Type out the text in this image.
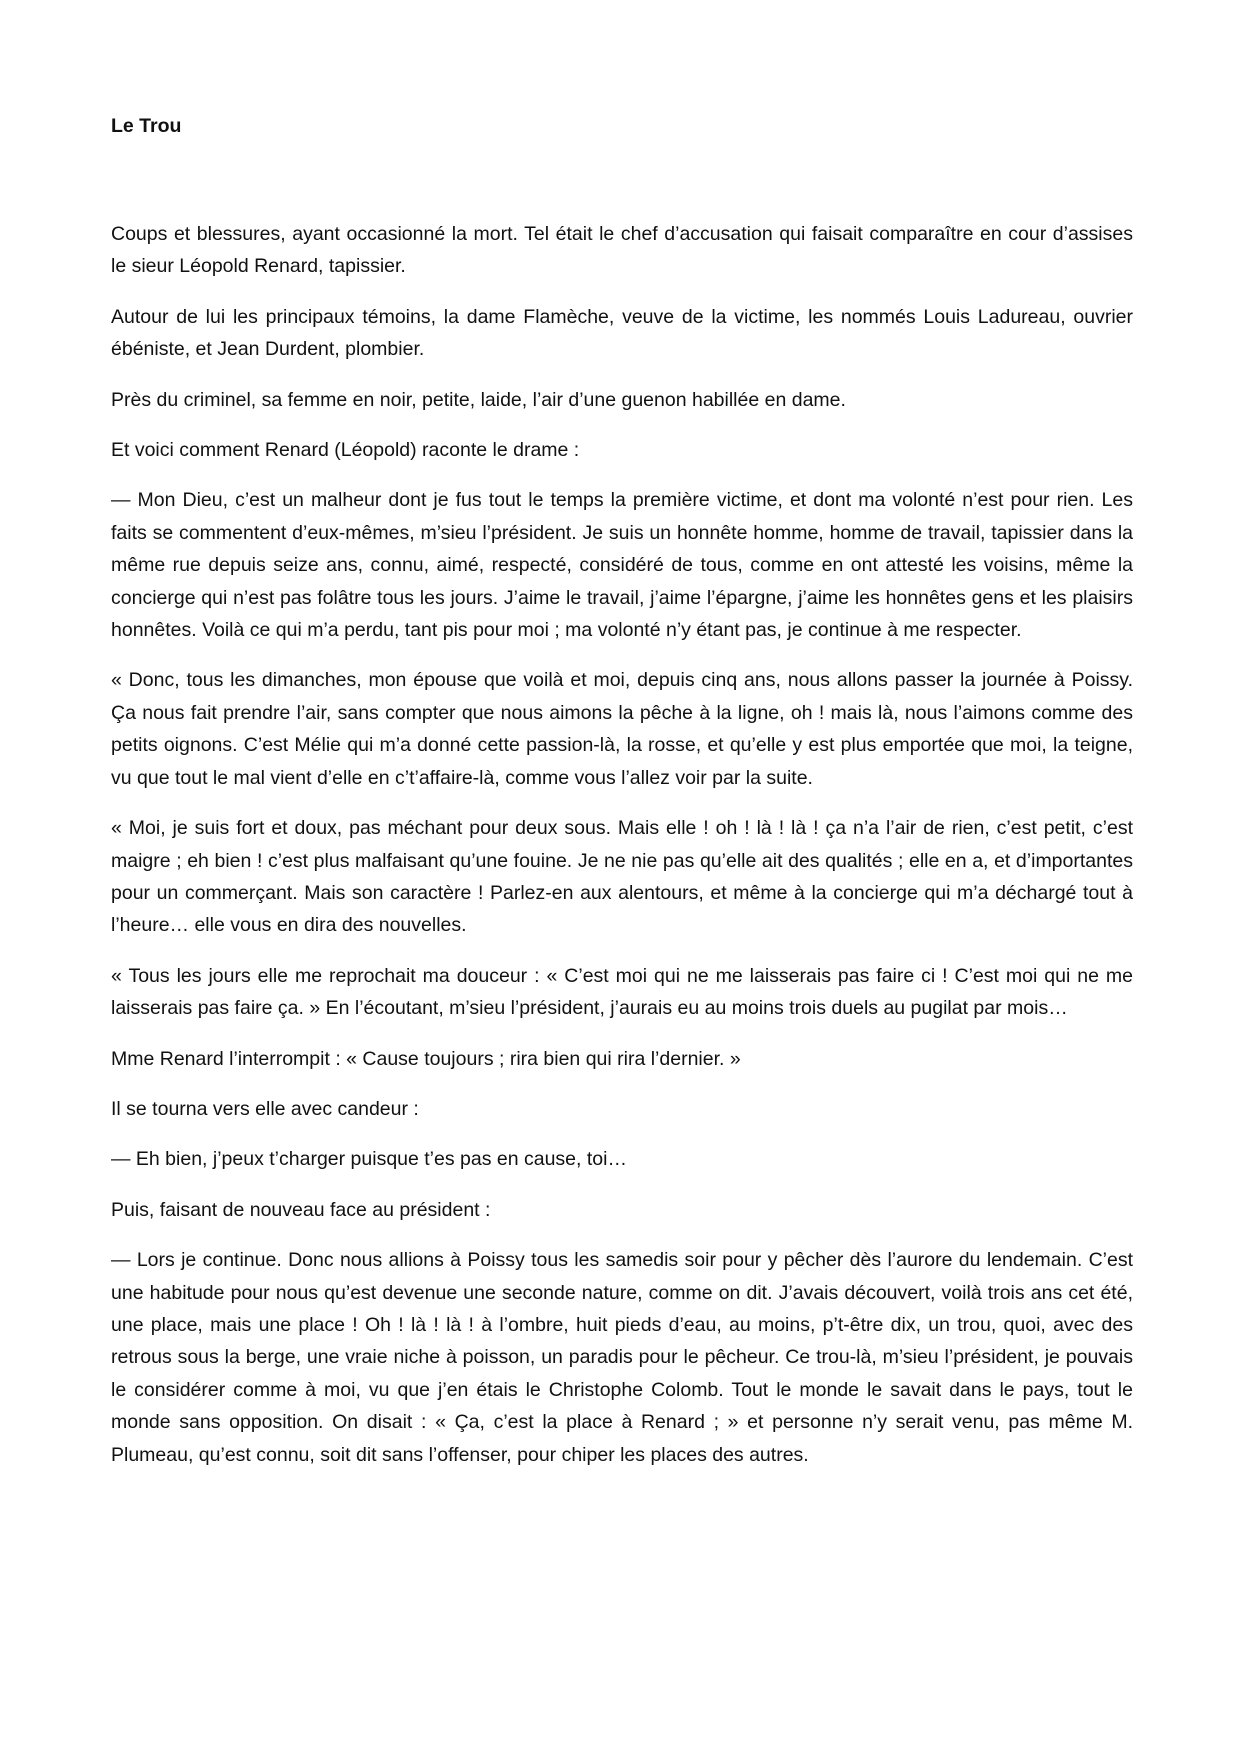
Le Trou

Coups et blessures, ayant occasionné la mort. Tel était le chef d’accusation qui faisait comparaître en cour d’assises le sieur Léopold Renard, tapissier.

Autour de lui les principaux témoins, la dame Flamèche, veuve de la victime, les nommés Louis Ladureau, ouvrier ébéniste, et Jean Durdent, plombier.

Près du criminel, sa femme en noir, petite, laide, l’air d’une guenon habillée en dame.

Et voici comment Renard (Léopold) raconte le drame :

— Mon Dieu, c’est un malheur dont je fus tout le temps la première victime, et dont ma volonté n’est pour rien. Les faits se commentent d’eux-mêmes, m’sieu l’président. Je suis un honnête homme, homme de travail, tapissier dans la même rue depuis seize ans, connu, aimé, respecté, considéré de tous, comme en ont attesté les voisins, même la concierge qui n’est pas folâtre tous les jours. J’aime le travail, j’aime l’épargne, j’aime les honnêtes gens et les plaisirs honnêtes. Voilà ce qui m’a perdu, tant pis pour moi ; ma volonté n’y étant pas, je continue à me respecter.

« Donc, tous les dimanches, mon épouse que voilà et moi, depuis cinq ans, nous allons passer la journée à Poissy. Ça nous fait prendre l’air, sans compter que nous aimons la pêche à la ligne, oh ! mais là, nous l’aimons comme des petits oignons. C’est Mélie qui m’a donné cette passion-là, la rosse, et qu’elle y est plus emportée que moi, la teigne, vu que tout le mal vient d’elle en c’t’affaire-là, comme vous l’allez voir par la suite.

« Moi, je suis fort et doux, pas méchant pour deux sous. Mais elle ! oh ! là ! là ! ça n’a l’air de rien, c’est petit, c’est maigre ; eh bien ! c’est plus malfaisant qu’une fouine. Je ne nie pas qu’elle ait des qualités ; elle en a, et d’importantes pour un commerçant. Mais son caractère ! Parlez-en aux alentours, et même à la concierge qui m’a déchargé tout à l’heure… elle vous en dira des nouvelles.

« Tous les jours elle me reprochait ma douceur : « C’est moi qui ne me laisserais pas faire ci ! C’est moi qui ne me laisserais pas faire ça. » En l’écoutant, m’sieu l’président, j’aurais eu au moins trois duels au pugilat par mois…

Mme Renard l’interrompit : « Cause toujours ; rira bien qui rira l’dernier. »

Il se tourna vers elle avec candeur :

— Eh bien, j’peux t’charger puisque t’es pas en cause, toi…

Puis, faisant de nouveau face au président :

— Lors je continue. Donc nous allions à Poissy tous les samedis soir pour y pêcher dès l’aurore du lendemain. C’est une habitude pour nous qu’est devenue une seconde nature, comme on dit. J’avais découvert, voilà trois ans cet été, une place, mais une place ! Oh ! là ! là ! à l’ombre, huit pieds d’eau, au moins, p’t-être dix, un trou, quoi, avec des retrous sous la berge, une vraie niche à poisson, un paradis pour le pêcheur. Ce trou-là, m’sieu l’président, je pouvais le considérer comme à moi, vu que j’en étais le Christophe Colomb. Tout le monde le savait dans le pays, tout le monde sans opposition. On disait : « Ça, c’est la place à Renard ; » et personne n’y serait venu, pas même M. Plumeau, qu’est connu, soit dit sans l’offenser, pour chiper les places des autres.
